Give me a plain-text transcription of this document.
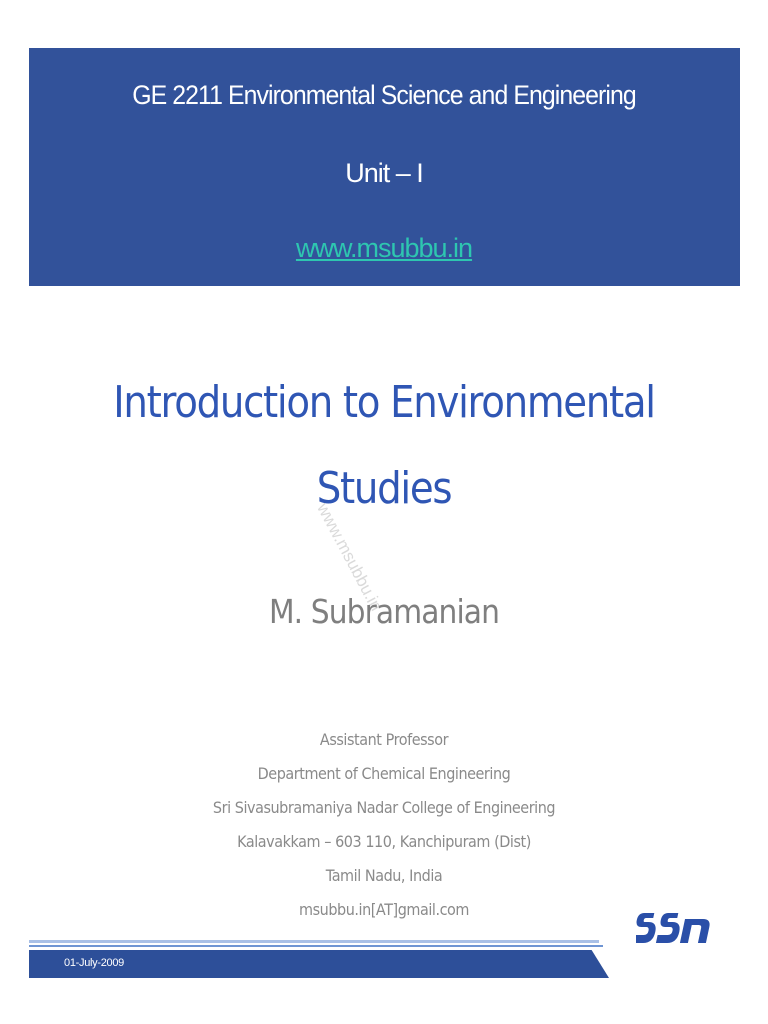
GE 2211 Environmental Science and Engineering
Unit – I
www.msubbu.in
Introduction to Environmental
Studies
www.msubbu.in
M. Subramanian
Assistant Professor
Department of Chemical Engineering
Sri Sivasubramaniya Nadar College of Engineering
Kalavakkam – 603 110, Kanchipuram (Dist)
Tamil Nadu, India
msubbu.in[AT]gmail.com
01-July-2009
